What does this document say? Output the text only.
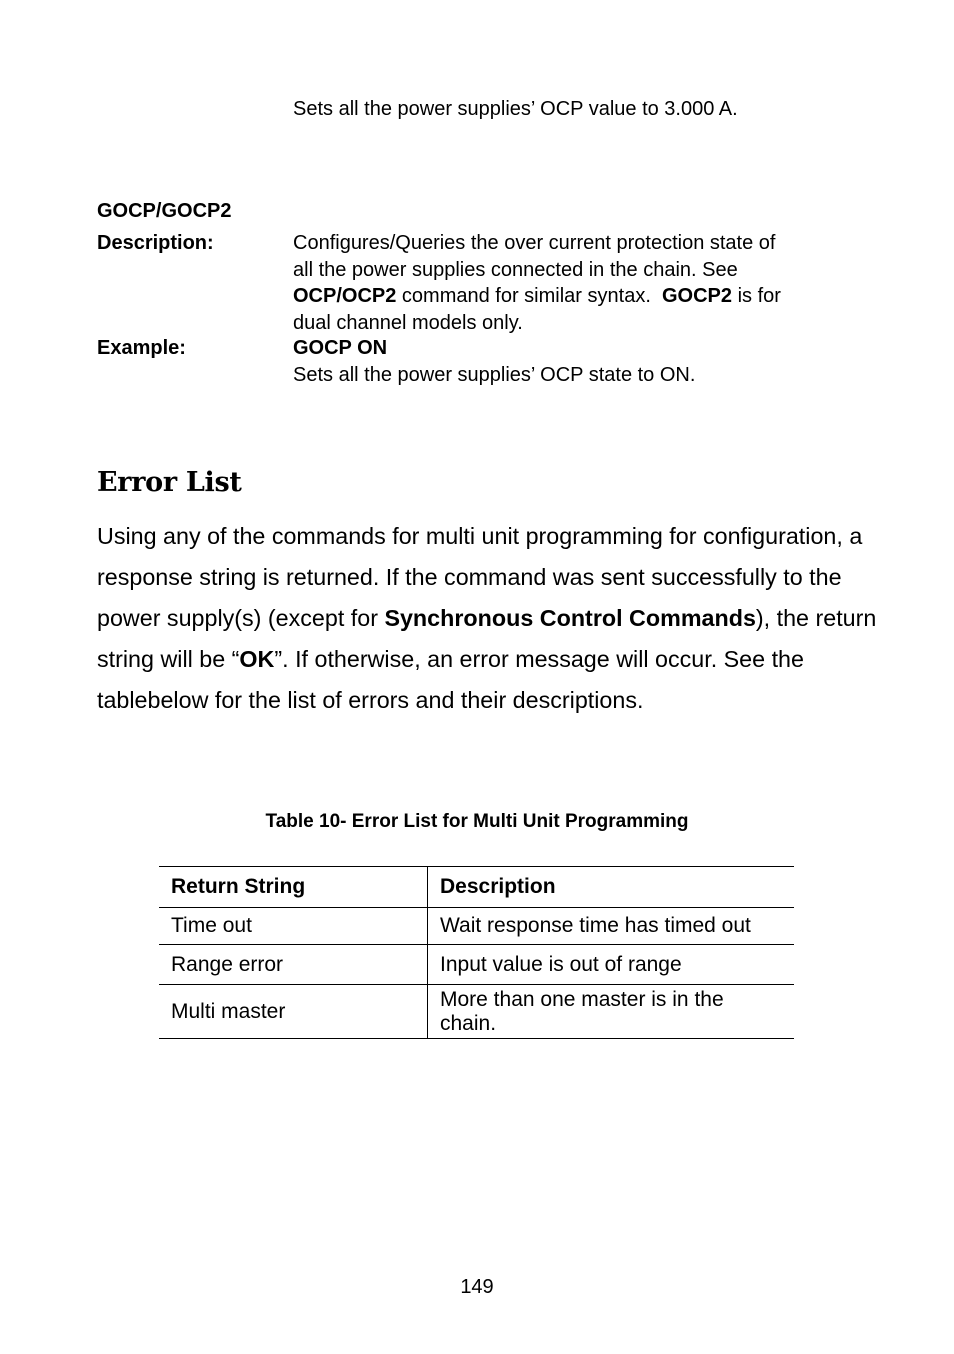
Sets all the power supplies’ OCP value to 3.000 A.
GOCP/GOCP2
Description:	Configures/Queries the over current protection state of
all the power supplies connected in the chain. See
OCP/OCP2 command for similar syntax.  GOCP2 is for
dual channel models only.
Example:	GOCP ON
Sets all the power supplies’ OCP state to ON.
Error List
Using any of the commands for multi unit programming for configuration, a response string is returned. If the command was sent successfully to the power supply(s) (except for Synchronous Control Commands), the return string will be “OK”. If otherwise, an error message will occur. See the tablebelow for the list of errors and their descriptions.
Table 10- Error List for Multi Unit Programming
Return String	Description
Time out	Wait response time has timed out
Range error	Input value is out of range
Multi master	More than one master is in the chain.
149
